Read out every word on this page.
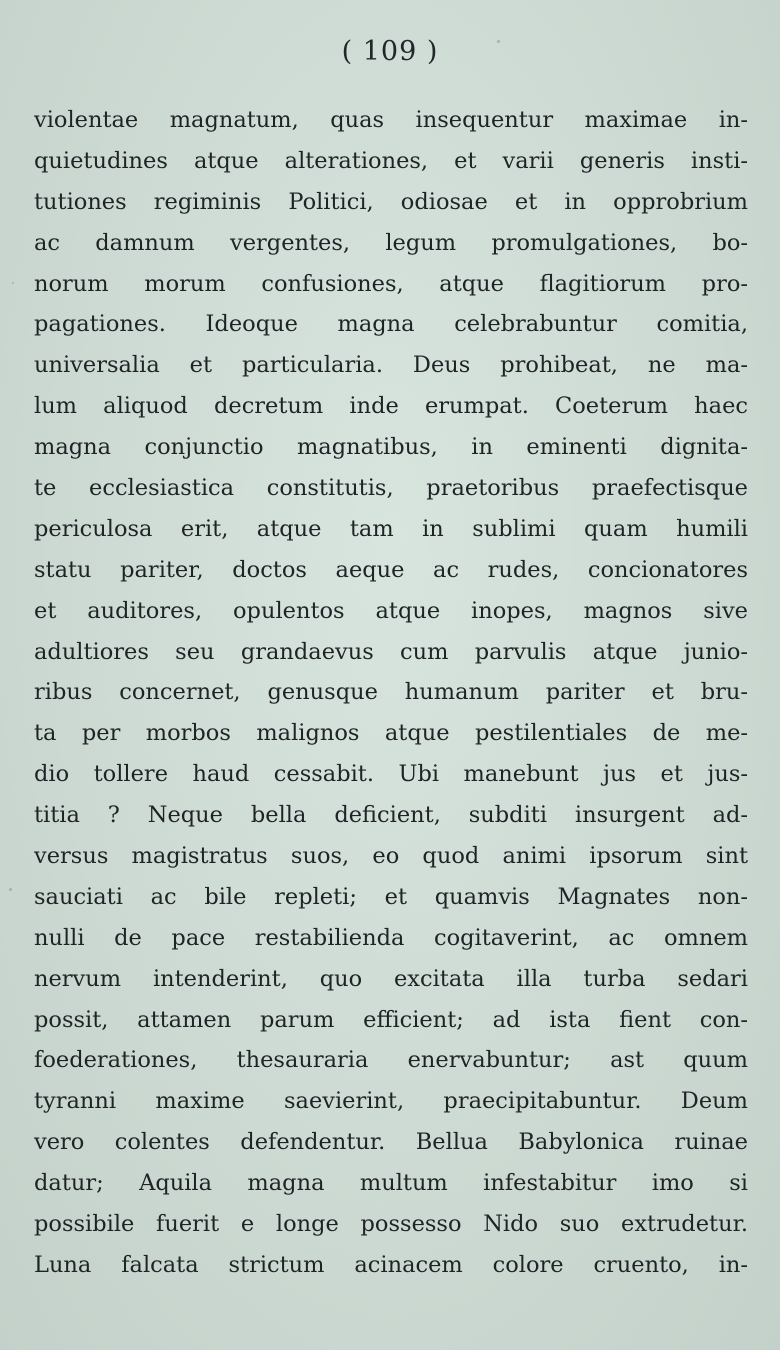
( 109 )
violentae magnatum, quas insequentur maximae in-
quietudines atque alterationes, et varii generis insti-
tutiones regiminis Politici, odiosae et in opprobrium
ac damnum vergentes, legum promulgationes, bo-
norum morum confusiones, atque flagitiorum pro-
pagationes. Ideoque magna celebrabuntur comitia,
universalia et particularia. Deus prohibeat, ne ma-
lum aliquod decretum inde erumpat. Coeterum haec
magna conjunctio magnatibus, in eminenti dignita-
te ecclesiastica constitutis, praetoribus praefectisque
periculosa erit, atque tam in sublimi quam humili
statu pariter, doctos aeque ac rudes, concionatores
et auditores, opulentos atque inopes, magnos sive
adultiores seu grandaevus cum parvulis atque junio-
ribus concernet, genusque humanum pariter et bru-
ta per morbos malignos atque pestilentiales de me-
dio tollere haud cessabit. Ubi manebunt jus et jus-
titia ? Neque bella deficient, subditi insurgent ad-
versus magistratus suos, eo quod animi ipsorum sint
sauciati ac bile repleti; et quamvis Magnates non-
nulli de pace restabilienda cogitaverint, ac omnem
nervum intenderint, quo excitata illa turba sedari
possit, attamen parum efficient; ad ista fient con-
foederationes, thesauraria enervabuntur; ast quum
tyranni maxime saevierint, praecipitabuntur. Deum
vero colentes defendentur. Bellua Babylonica ruinae
datur; Aquila magna multum infestabitur imo si
possibile fuerit e longe possesso Nido suo extrudetur.
Luna falcata strictum acinacem colore cruento, in-
